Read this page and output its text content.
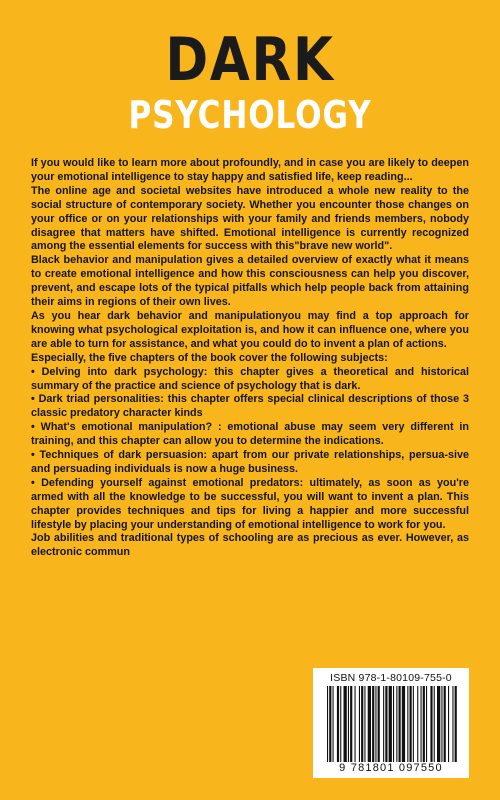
DARK
PSYCHOLOGY

If you would like to learn more about profoundly, and in case you are likely to deepen your emotional intelligence to stay happy and satisfied life, keep reading...

The online age and societal websites have introduced a whole new reality to the social structure of contemporary society. Whether you encounter those changes on your office or on your relationships with your family and friends members, nobody disagree that matters have shifted. Emotional intelligence is currently recognized among the essential elements for success with this"brave new world".

Black behavior and manipulation gives a detailed overview of exactly what it means to create emotional intelligence and how this consciousness can help you discover, prevent, and escape lots of the typical pitfalls which help people back from attaining their aims in regions of their own lives.

As you hear dark behavior and manipulationyou may find a top approach for knowing what psychological exploitation is, and how it can influence one, where you are able to turn for assistance, and what you could do to invent a plan of actions.

Especially, the five chapters of the book cover the following subjects:

• Delving into dark psychology: this chapter gives a theoretical and historical summary of the practice and science of psychology that is dark.

• Dark triad personalities: this chapter offers special clinical descriptions of those 3 classic predatory character kinds

• What's emotional manipulation? : emotional abuse may seem very different in training, and this chapter can allow you to determine the indications.

• Techniques of dark persuasion: apart from our private relationships, persua-sive and persuading individuals is now a huge business.

• Defending yourself against emotional predators: ultimately, as soon as you're armed with all the knowledge to be successful, you will want to invent a plan. This chapter provides techniques and tips for living a happier and more successful lifestyle by placing your understanding of emotional intelligence to work for you.

Job abilities and traditional types of schooling are as precious as ever. However, as electronic commun

ISBN 978-1-80109-755-0
9 781801 097550
